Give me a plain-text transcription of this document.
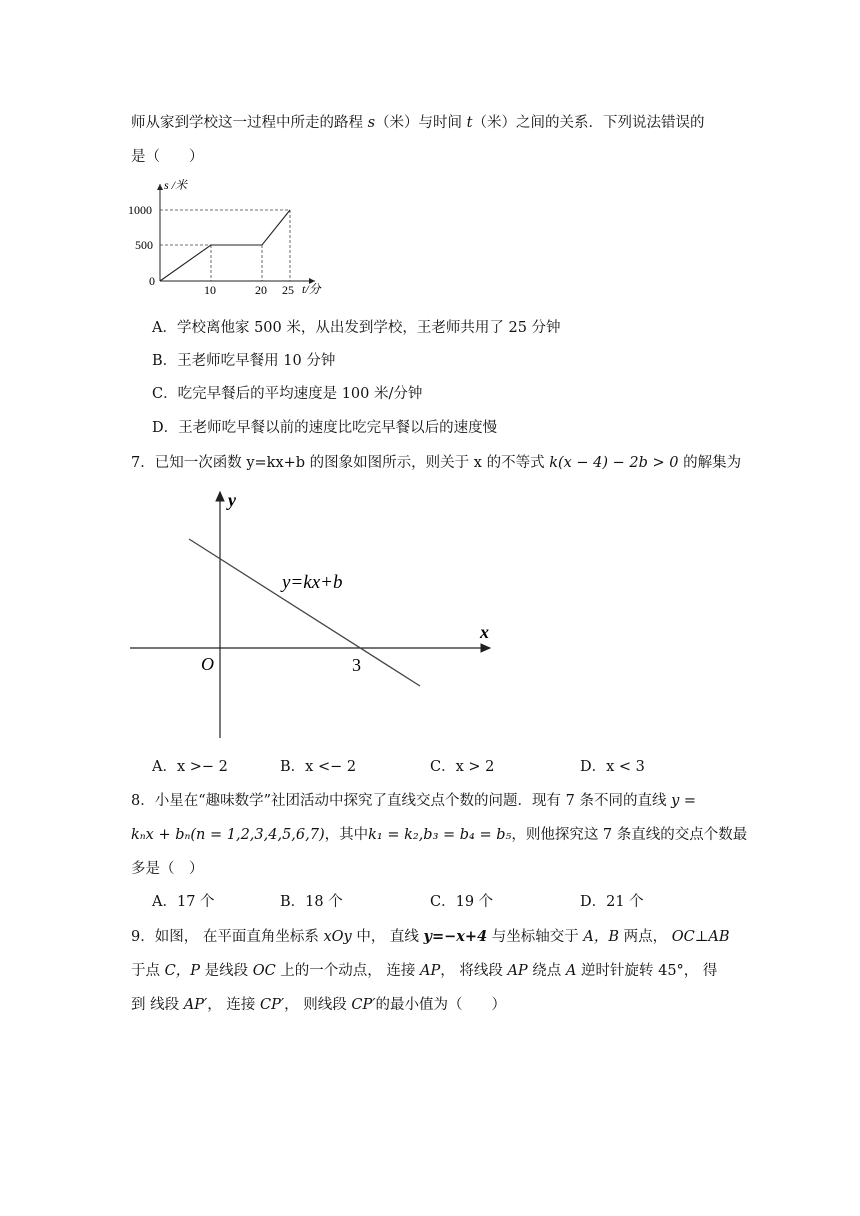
师从家到学校这一过程中所走的路程 s（米）与时间 t（米）之间的关系．下列说法错误的
是（　　）
s /米
t/分
0
500
1000
10	20 25
A．学校离他家 500 米，从出发到学校，王老师共用了 25 分钟
B．王老师吃早餐用 10 分钟
C．吃完早餐后的平均速度是 100 米/分钟
D．王老师吃早餐以前的速度比吃完早餐以后的速度慢
7．已知一次函数 y=kx+b 的图象如图所示，则关于 x 的不等式 k(x − 4) − 2b > 0 的解集为
y
x
O	3
y=kx+b
A．x >− 2	B．x <− 2	C．x > 2	D．x < 3
8．小星在“趣味数学”社团活动中探究了直线交点个数的问题．现有 7 条不同的直线 y =
kₙx + bₙ(n = 1,2,3,4,5,6,7)，其中k₁ = k₂,b₃ = b₄ = b₅，则他探究这 7 条直线的交点个数最
多是（　）
A．17 个	B．18 个	C．19 个	D．21 个
9．如图， 在平面直角坐标系 xOy 中， 直线 y=−x+4 与坐标轴交于 A，B 两点， OC⊥AB
于点 C，P 是线段 OC 上的一个动点， 连接 AP， 将线段 AP 绕点 A 逆时针旋转 45°， 得
到 线段 AP′， 连接 CP′， 则线段 CP′的最小值为（　　）
